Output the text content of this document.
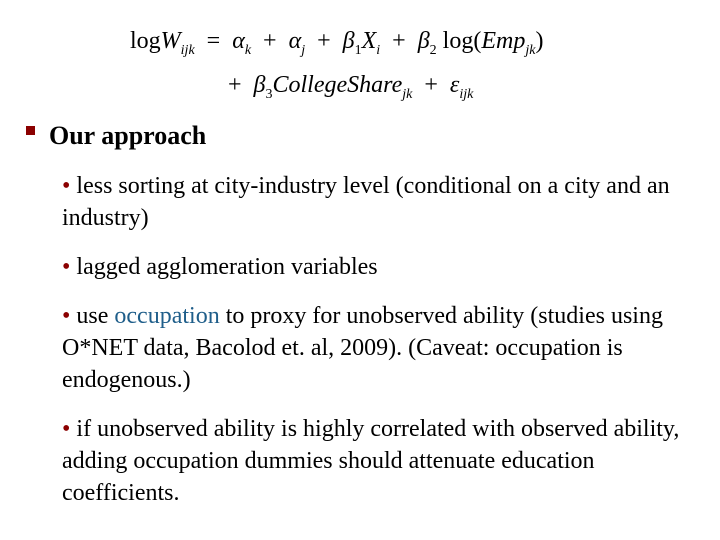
$\log W_{ijk} = \alpha_k + \alpha_j + \beta_1X_i + \beta_2$ log(Emp$_{jk}$)
+ $\beta_3CollegeShare_{jk} + \varepsilon_{ijk}$
Our approach

• less sorting at city-industry level (conditional on a city and an industry)

• lagged agglomeration variables

• use occupation to proxy for unobserved ability (studies using O*NET data, Bacolod et. al, 2009). (Caveat: occupation is endogenous.)

• if unobserved ability is highly correlated with observed ability, adding occupation dummies should attenuate education coefficients.
